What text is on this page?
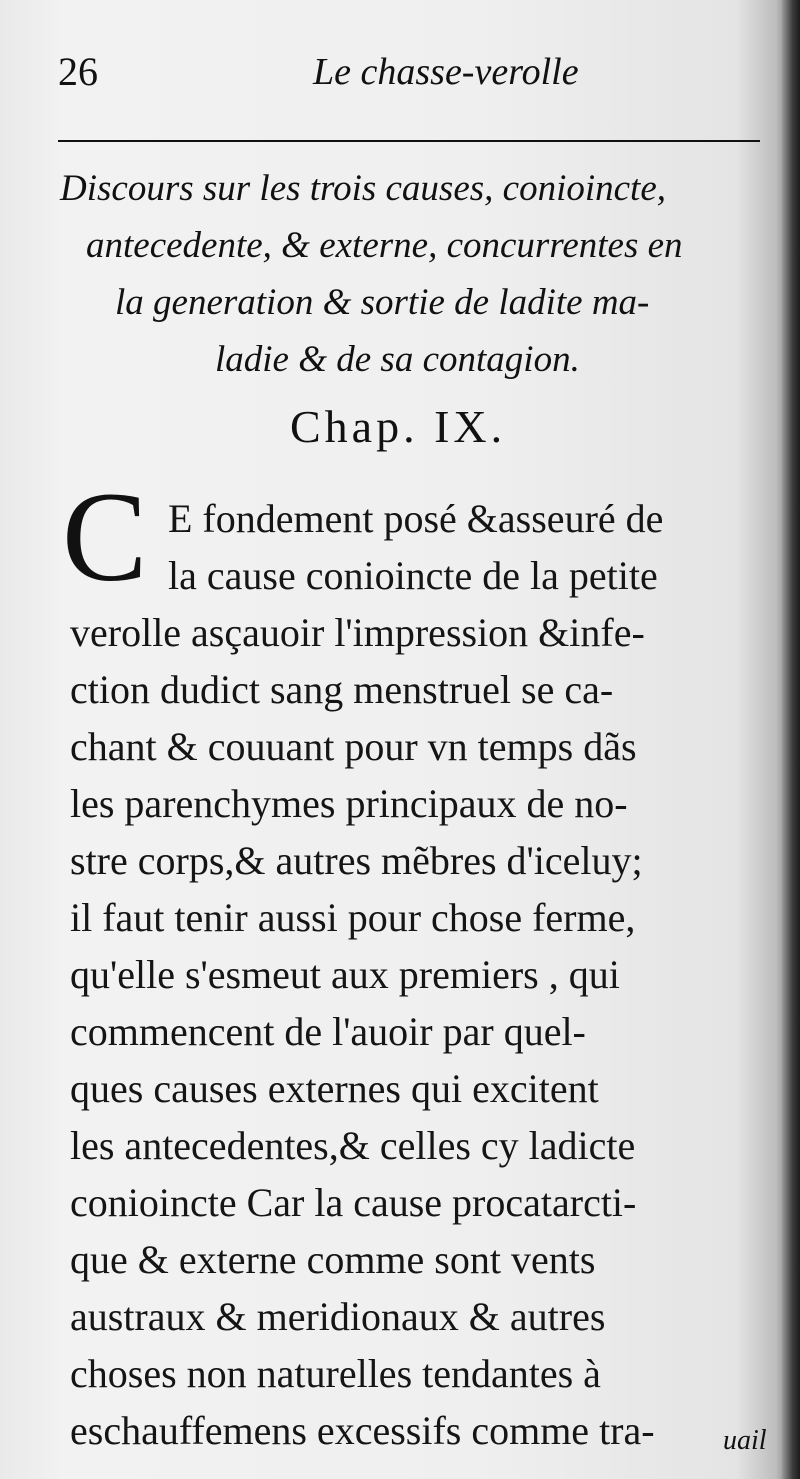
26	Le chasse-verolle
Discours sur les trois causes, conioincte,
antecedente, & externe, concurrentes en
la generation & sortie de ladite ma-
ladie & de sa contagion.
Chap. IX.
C E fondement posé &asseuré de
la cause conioincte de la petite
verolle asçauoir l'impression &infe-
ction dudict sang menstruel se ca-
chant & couuant pour vn temps dãs
les parenchymes principaux de no-
stre corps,& autres mẽbres d'iceluy;
il faut tenir aussi pour chose ferme,
qu'elle s'esmeut aux premiers , qui
commencent de l'auoir par quel-
ques causes externes qui excitent
les antecedentes,& celles cy ladicte
conioincte Car la cause procatarcti-
que & externe comme sont vents
austraux & meridionaux & autres
choses non naturelles tendantes à
eschauffemens excessifs comme tra-	uail
